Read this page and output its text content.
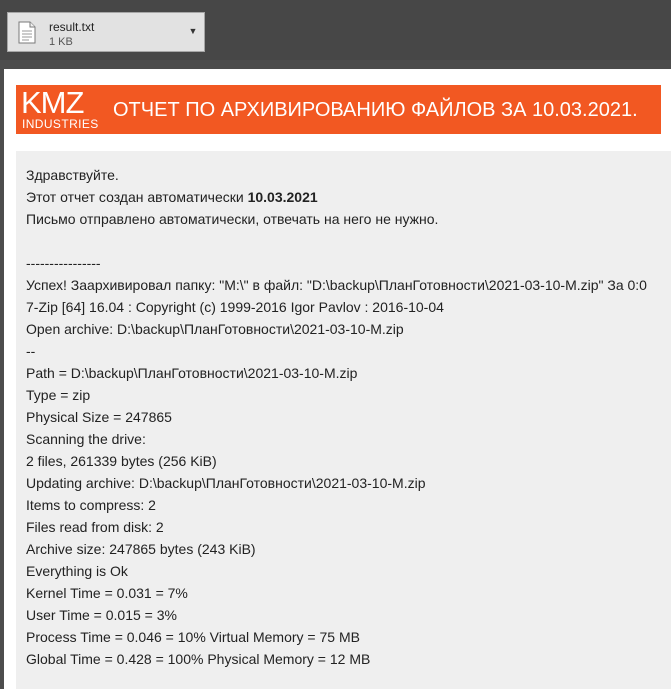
result.txt
1 KB
▼
KMZ
INDUSTRIES
ОТЧЕТ ПО АРХИВИРОВАНИЮ ФАЙЛОВ ЗА 10.03.2021.
Здравствуйте.
Этот отчет создан автоматически 10.03.2021
Письмо отправлено автоматически, отвечать на него не нужно.
----------------
Успех! Заархивировал папку: "M:\" в файл: "D:\backup\ПланГотовности\2021-03-10-M.zip" За 0:0
7-Zip [64] 16.04 : Copyright (c) 1999-2016 Igor Pavlov : 2016-10-04
Open archive: D:\backup\ПланГотовности\2021-03-10-M.zip
--
Path = D:\backup\ПланГотовности\2021-03-10-M.zip
Type = zip
Physical Size = 247865
Scanning the drive:
2 files, 261339 bytes (256 KiB)
Updating archive: D:\backup\ПланГотовности\2021-03-10-M.zip
Items to compress: 2
Files read from disk: 2
Archive size: 247865 bytes (243 KiB)
Everything is Ok
Kernel Time = 0.031 = 7%
User Time = 0.015 = 3%
Process Time = 0.046 = 10% Virtual Memory = 75 MB
Global Time = 0.428 = 100% Physical Memory = 12 MB
